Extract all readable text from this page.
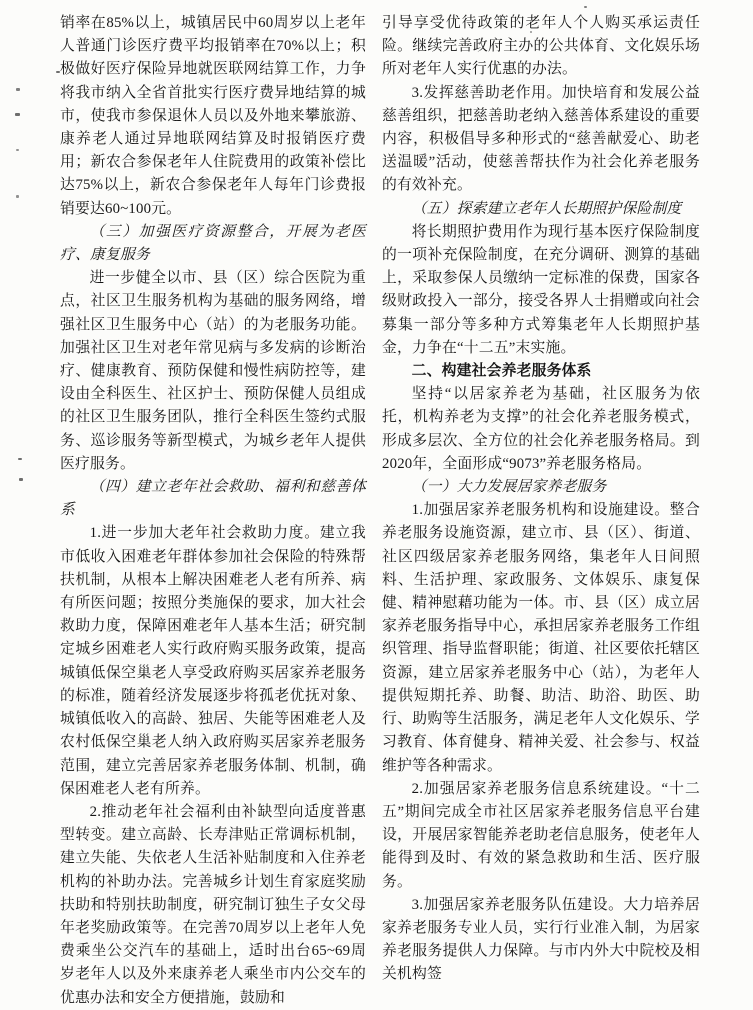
销率在85%以上，城镇居民中60周岁以上老年人普通门诊医疗费平均报销率在70%以上；积极做好医疗保险异地就医联网结算工作，力争将我市纳入全省首批实行医疗费异地结算的城市，使我市参保退休人员以及外地来攀旅游、康养老人通过异地联网结算及时报销医疗费用；新农合参保老年人住院费用的政策补偿比达75%以上，新农合参保老年人每年门诊费报销要达60~100元。

（三）加强医疗资源整合，开展为老医疗、康复服务

进一步健全以市、县（区）综合医院为重点，社区卫生服务机构为基础的服务网络，增强社区卫生服务中心（站）的为老服务功能。加强社区卫生对老年常见病与多发病的诊断治疗、健康教育、预防保健和慢性病防控等，建设由全科医生、社区护士、预防保健人员组成的社区卫生服务团队，推行全科医生签约式服务、巡诊服务等新型模式，为城乡老年人提供医疗服务。

（四）建立老年社会救助、福利和慈善体系

1.进一步加大老年社会救助力度。建立我市低收入困难老年群体参加社会保险的特殊帮扶机制，从根本上解决困难老人老有所养、病有所医问题；按照分类施保的要求，加大社会救助力度，保障困难老年人基本生活；研究制定城乡困难老人实行政府购买服务政策，提高城镇低保空巢老人享受政府购买居家养老服务的标准，随着经济发展逐步将孤老优抚对象、城镇低收入的高龄、独居、失能等困难老人及农村低保空巢老人纳入政府购买居家养老服务范围，建立完善居家养老服务体制、机制，确保困难老人老有所养。

2.推动老年社会福利由补缺型向适度普惠型转变。建立高龄、长寿津贴正常调标机制，建立失能、失依老人生活补贴制度和入住养老机构的补助办法。完善城乡计划生育家庭奖励扶助和特别扶助制度，研究制订独生子女父母年老奖励政策等。在完善70周岁以上老年人免费乘坐公交汽车的基础上，适时出台65~69周岁老年人以及外来康养老人乘坐市内公交车的优惠办法和安全方便措施，鼓励和

引导享受优待政策的老年人个人购买承运责任险。继续完善政府主办的公共体育、文化娱乐场所对老年人实行优惠的办法。

3.发挥慈善助老作用。加快培育和发展公益慈善组织，把慈善助老纳入慈善体系建设的重要内容，积极倡导多种形式的“慈善献爱心、助老送温暖”活动，使慈善帮扶作为社会化养老服务的有效补充。

（五）探索建立老年人长期照护保险制度

将长期照护费用作为现行基本医疗保险制度的一项补充保险制度，在充分调研、测算的基础上，采取参保人员缴纳一定标准的保费，国家各级财政投入一部分，接受各界人士捐赠或向社会募集一部分等多种方式筹集老年人长期照护基金，力争在“十二五”末实施。

二、构建社会养老服务体系

坚持“以居家养老为基础，社区服务为依托，机构养老为支撑”的社会化养老服务模式，形成多层次、全方位的社会化养老服务格局。到2020年，全面形成“9073”养老服务格局。

（一）大力发展居家养老服务

1.加强居家养老服务机构和设施建设。整合养老服务设施资源，建立市、县（区）、街道、社区四级居家养老服务网络，集老年人日间照料、生活护理、家政服务、文体娱乐、康复保健、精神慰藉功能为一体。市、县（区）成立居家养老服务指导中心，承担居家养老服务工作组织管理、指导监督职能；街道、社区要依托辖区资源，建立居家养老服务中心（站），为老年人提供短期托养、助餐、助洁、助浴、助医、助行、助购等生活服务，满足老年人文化娱乐、学习教育、体育健身、精神关爱、社会参与、权益维护等各种需求。

2.加强居家养老服务信息系统建设。“十二五”期间完成全市社区居家养老服务信息平台建设，开展居家智能养老助老信息服务，使老年人能得到及时、有效的紧急救助和生活、医疗服务。

3.加强居家养老服务队伍建设。大力培养居家养老服务专业人员，实行行业准入制，为居家养老服务提供人力保障。与市内外大中院校及相关机构签
